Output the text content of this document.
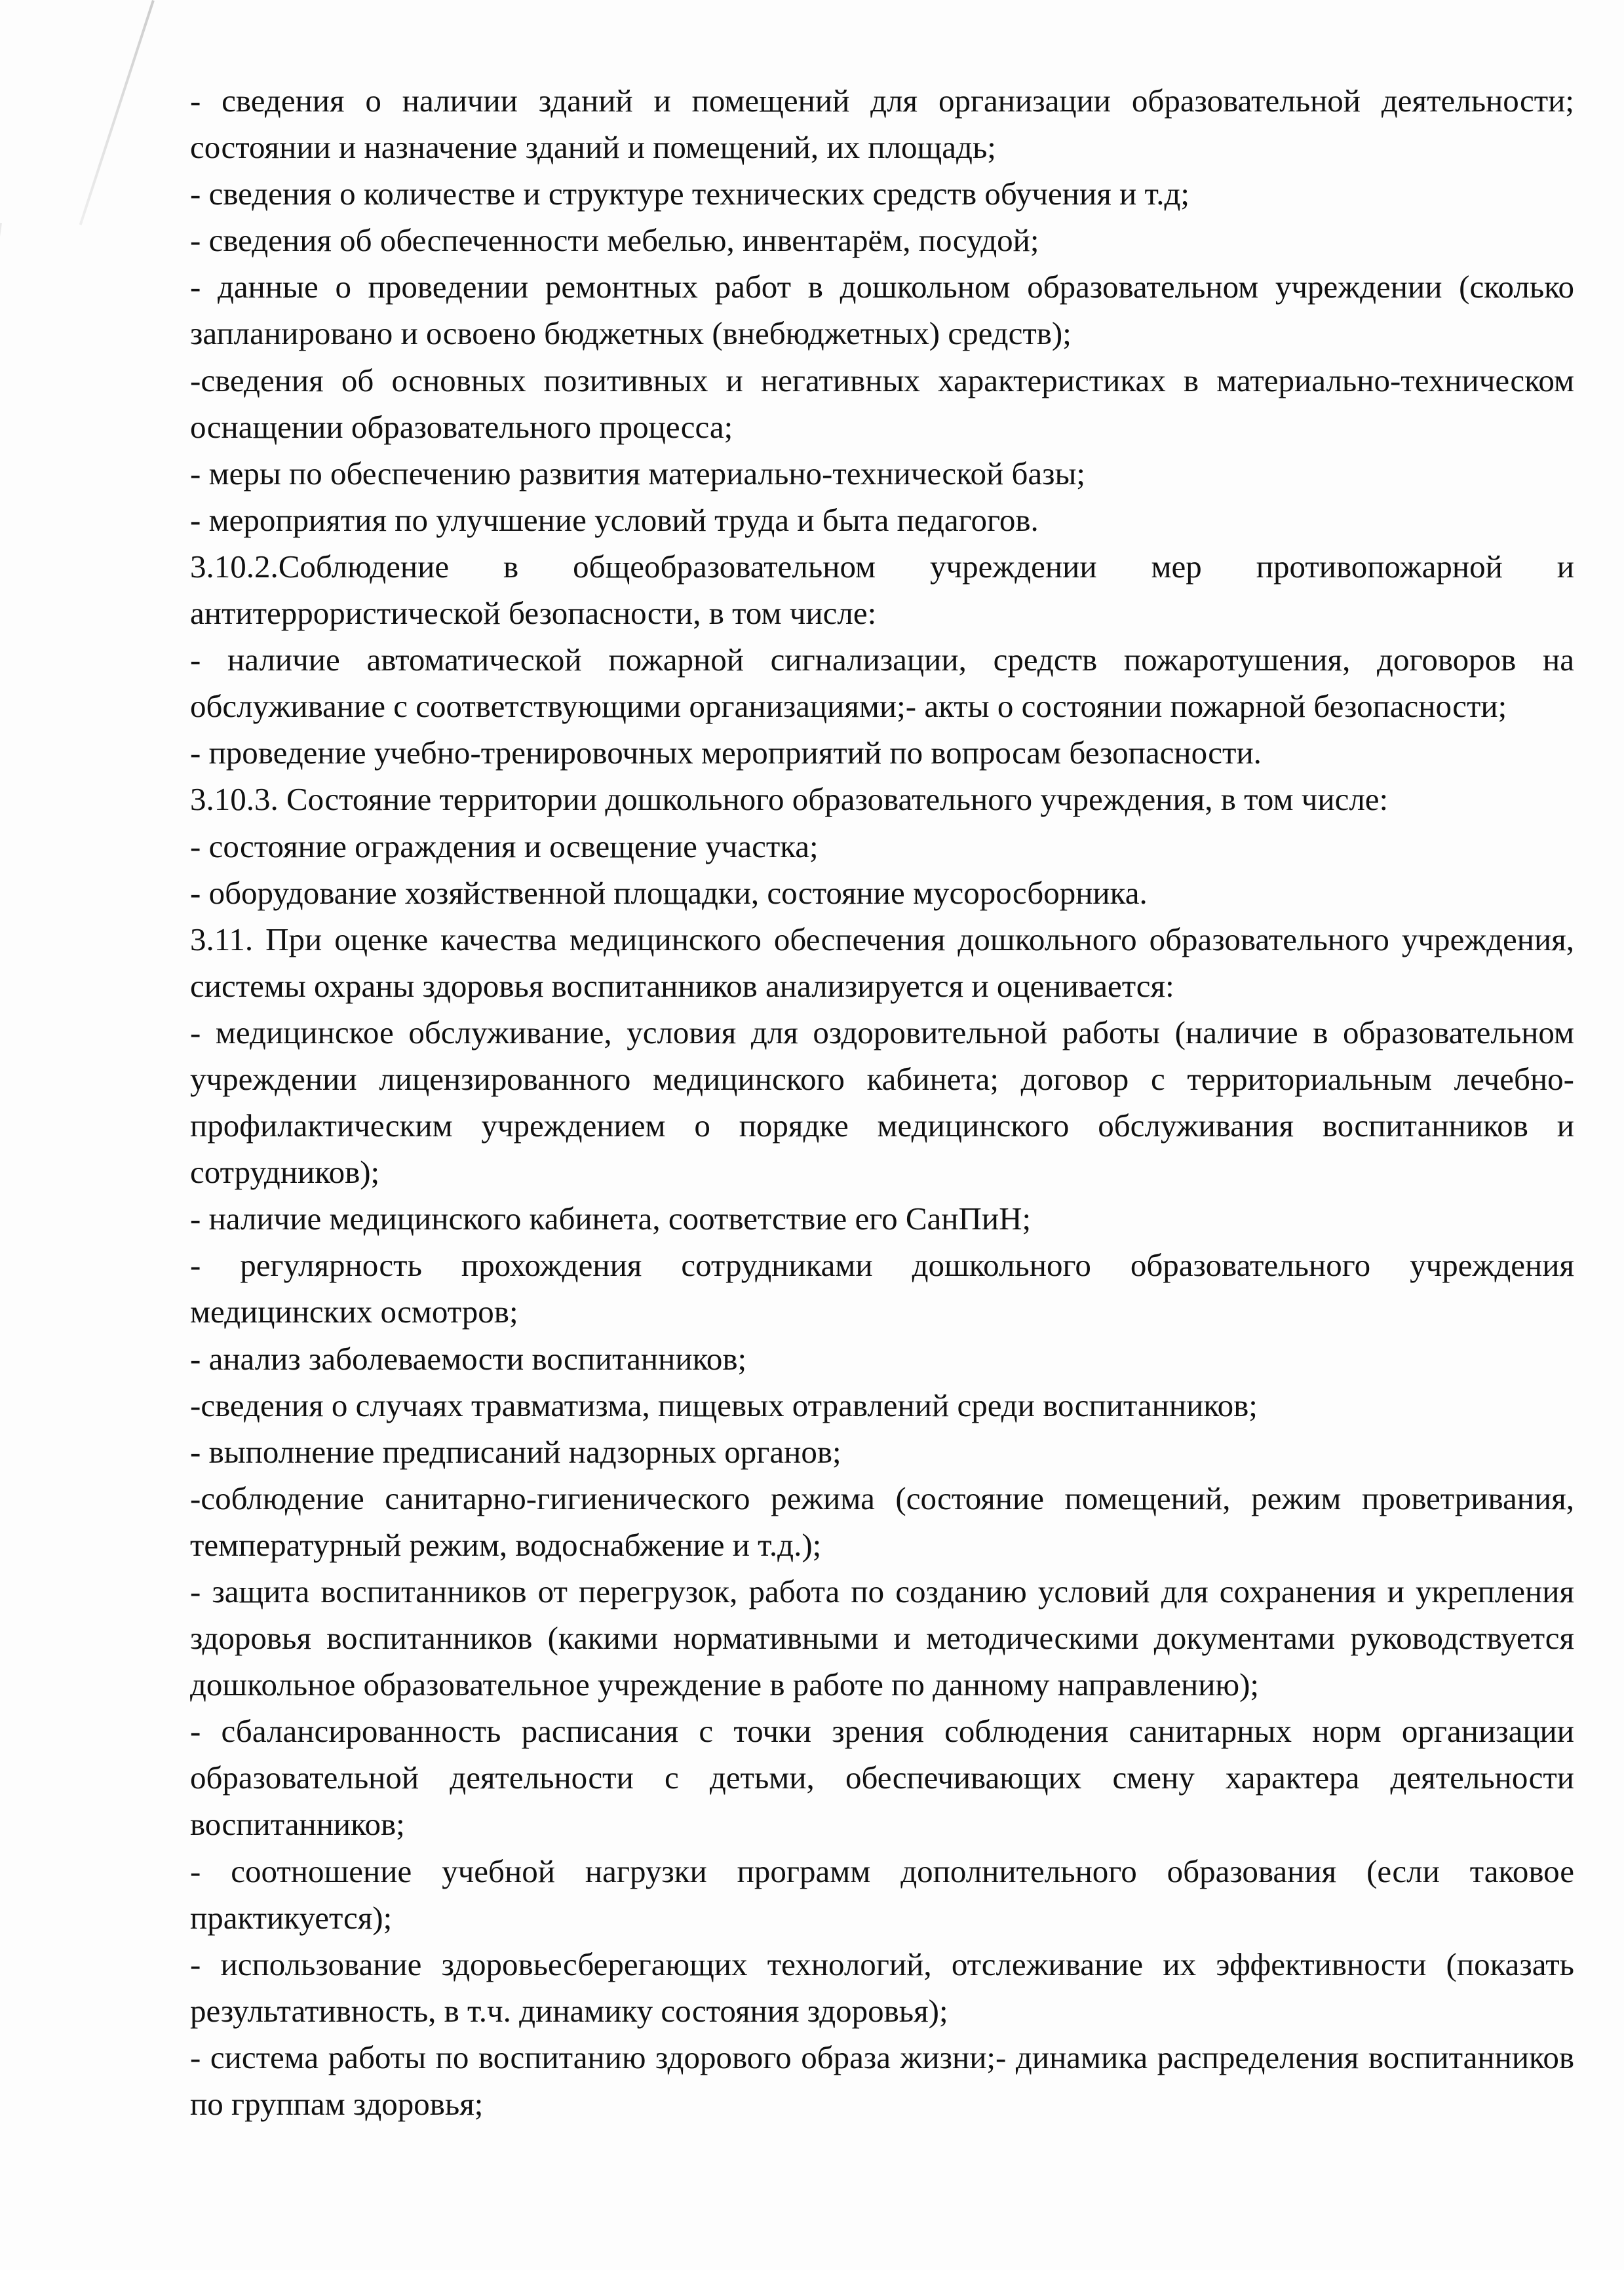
- сведения о наличии зданий и помещений для организации образовательной деятельности; состоянии и назначение зданий и помещений, их площадь;

- сведения о количестве и структуре технических средств обучения и т.д;

- сведения об обеспеченности мебелью, инвентарём, посудой;

- данные о проведении ремонтных работ в дошкольном образовательном учреждении (сколько запланировано и освоено бюджетных (внебюджетных) средств);

-сведения об основных позитивных и негативных характеристиках в материально-техническом оснащении образовательного процесса;

- меры по обеспечению развития материально-технической базы;

- мероприятия по улучшение условий труда и быта педагогов.

3.10.2.Соблюдение в общеобразовательном учреждении мер противопожарной и антитеррористической безопасности, в том числе:

- наличие автоматической пожарной сигнализации, средств пожаротушения, договоров на обслуживание с соответствующими организациями;- акты о состоянии пожарной безопасности;

- проведение учебно-тренировочных мероприятий по вопросам безопасности.

3.10.3. Состояние территории дошкольного образовательного учреждения, в том числе:

- состояние ограждения и освещение участка;

- оборудование хозяйственной площадки, состояние мусоросборника.

3.11. При оценке качества медицинского обеспечения дошкольного образовательного учреждения, системы охраны здоровья воспитанников анализируется и оценивается:

- медицинское обслуживание, условия для оздоровительной работы (наличие в образовательном учреждении лицензированного медицинского кабинета; договор с территориальным лечебно-профилактическим учреждением о порядке медицинского обслуживания воспитанников и сотрудников);

- наличие медицинского кабинета, соответствие его СанПиН;

- регулярность прохождения сотрудниками дошкольного образовательного учреждения медицинских осмотров;

- анализ заболеваемости воспитанников;

-сведения о случаях травматизма, пищевых отравлений среди воспитанников;

- выполнение предписаний надзорных органов;

-соблюдение санитарно-гигиенического режима (состояние помещений, режим проветривания, температурный режим, водоснабжение и т.д.);

- защита воспитанников от перегрузок, работа по созданию условий для сохранения и укрепления здоровья воспитанников (какими нормативными и методическими документами руководствуется дошкольное образовательное учреждение в работе по данному направлению);

- сбалансированность расписания с точки зрения соблюдения санитарных норм организации образовательной деятельности с детьми, обеспечивающих смену характера деятельности воспитанников;

- соотношение учебной нагрузки программ дополнительного образования (если таковое практикуется);

- использование здоровьесберегающих технологий, отслеживание их эффективности (показать результативность, в т.ч. динамику состояния здоровья);

- система работы по воспитанию здорового образа жизни;- динамика распределения воспитанников по группам здоровья;
